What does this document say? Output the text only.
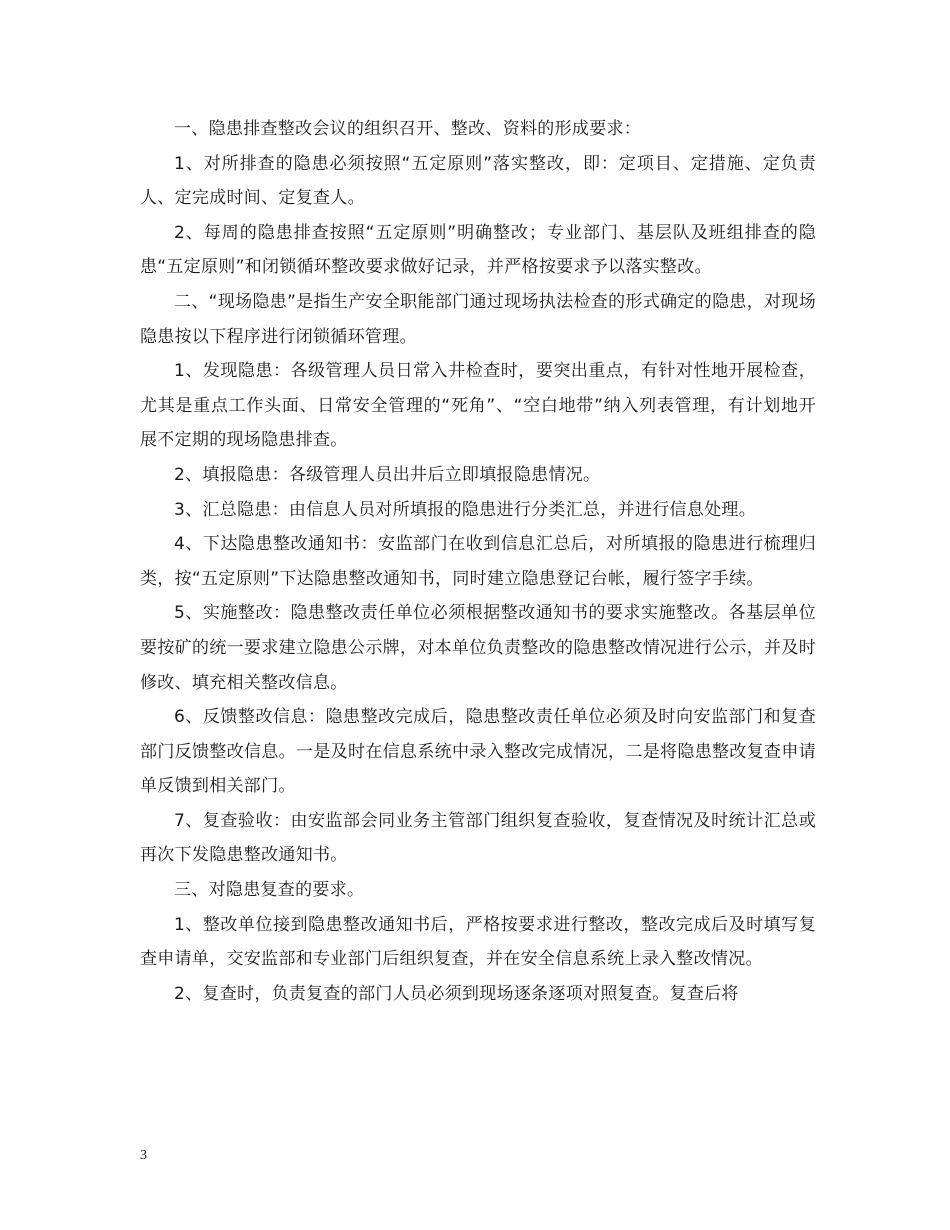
一、隐患排查整改会议的组织召开、整改、资料的形成要求：

1、对所排查的隐患必须按照“五定原则”落实整改，即：定项目、定措施、定负责人、定完成时间、定复查人。

2、每周的隐患排查按照“五定原则”明确整改；专业部门、基层队及班组排查的隐患“五定原则”和闭锁循环整改要求做好记录，并严格按要求予以落实整改。

二、“现场隐患”是指生产安全职能部门通过现场执法检查的形式确定的隐患，对现场隐患按以下程序进行闭锁循环管理。

1、发现隐患：各级管理人员日常入井检查时，要突出重点，有针对性地开展检查，尤其是重点工作头面、日常安全管理的“死角”、“空白地带”纳入列表管理，有计划地开展不定期的现场隐患排查。

2、填报隐患：各级管理人员出井后立即填报隐患情况。

3、汇总隐患：由信息人员对所填报的隐患进行分类汇总，并进行信息处理。

4、下达隐患整改通知书：安监部门在收到信息汇总后，对所填报的隐患进行梳理归类，按“五定原则”下达隐患整改通知书，同时建立隐患登记台帐，履行签字手续。

5、实施整改：隐患整改责任单位必须根据整改通知书的要求实施整改。各基层单位要按矿的统一要求建立隐患公示牌，对本单位负责整改的隐患整改情况进行公示，并及时修改、填充相关整改信息。

6、反馈整改信息：隐患整改完成后，隐患整改责任单位必须及时向安监部门和复查部门反馈整改信息。一是及时在信息系统中录入整改完成情况，二是将隐患整改复查申请单反馈到相关部门。

7、复查验收：由安监部会同业务主管部门组织复查验收，复查情况及时统计汇总或再次下发隐患整改通知书。

三、对隐患复查的要求。

1、整改单位接到隐患整改通知书后，严格按要求进行整改，整改完成后及时填写复查申请单，交安监部和专业部门后组织复查，并在安全信息系统上录入整改情况。

2、复查时，负责复查的部门人员必须到现场逐条逐项对照复查。复查后将

3
